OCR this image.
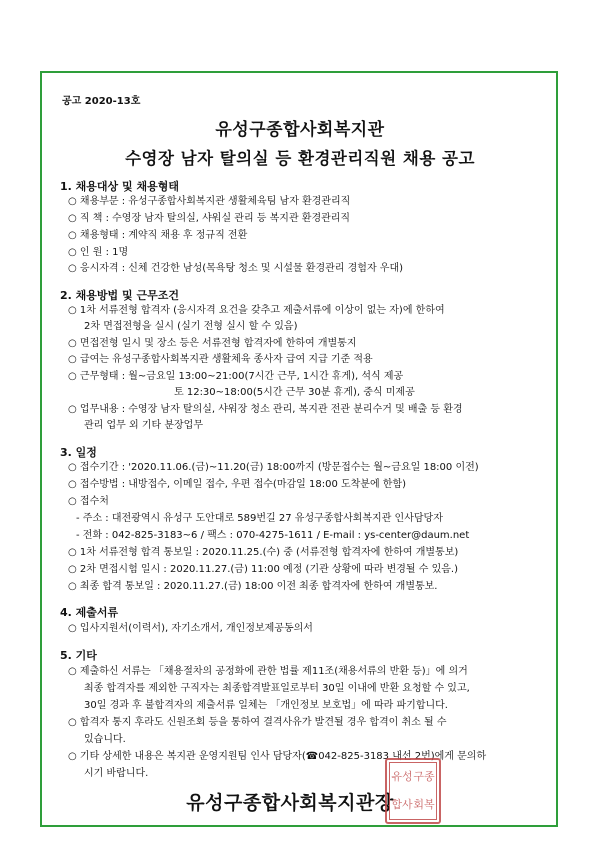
공고 2020-13호
유성구종합사회복지관
수영장 남자 탈의실 등 환경관리직원 채용 공고
1. 채용대상 및 채용형태
○ 채용부문 : 유성구종합사회복지관 생활체육팀 남자 환경관리직
○ 직 책 : 수영장 남자 탈의실, 샤워실 관리 등 복지관 환경관리직
○ 채용형태 : 계약직 채용 후 정규직 전환
○ 인 원 : 1명
○ 응시자격 : 신체 건강한 남성(목욕탕 청소 및 시설물 환경관리 경험자 우대)
2. 채용방법 및 근무조건
○ 1차 서류전형 합격자 (응시자격 요건을 갖추고 제출서류에 이상이 없는 자)에 한하여
2차 면접전형을 실시 (실기 전형 실시 할 수 있음)
○ 면접전형 일시 및 장소 등은 서류전형 합격자에 한하여 개별통지
○ 급여는 유성구종합사회복지관 생활체육 종사자 급여 지급 기준 적용
○ 근무형태 : 월~금요일 13:00~21:00(7시간 근무, 1시간 휴게), 석식 제공
토 12:30~18:00(5시간 근무 30분 휴게), 중식 미제공
○ 업무내용 : 수영장 남자 탈의실, 샤워장 청소 관리, 복지관 전관 분리수거 및 배출 등 환경
관리 업무 외 기타 분장업무
3. 일정
○ 접수기간 : '2020.11.06.(금)~11.20(금) 18:00까지 (방문접수는 월~금요일 18:00 이전)
○ 접수방법 : 내방접수, 이메일 접수, 우편 접수(마감일 18:00 도착분에 한함)
○ 접수처
- 주소 : 대전광역시 유성구 도안대로 589번길 27 유성구종합사회복지관 인사담당자
- 전화 : 042-825-3183~6 / 팩스 : 070-4275-1611 / E-mail : ys-center@daum.net
○ 1차 서류전형 합격 통보일 : 2020.11.25.(수) 중 (서류전형 합격자에 한하여 개별통보)
○ 2차 면접시험 일시 : 2020.11.27.(금) 11:00 예정 (기관 상황에 따라 변경될 수 있음.)
○ 최종 합격 통보일 : 2020.11.27.(금) 18:00 이전 최종 합격자에 한하여 개별통보.
4. 제출서류
○ 입사지원서(이력서), 자기소개서, 개인정보제공동의서
5. 기타
○ 제출하신 서류는 「채용절차의 공정화에 관한 법률 제11조(채용서류의 반환 등)」에 의거
최종 합격자를 제외한 구직자는 최종합격발표일로부터 30일 이내에 반환 요청할 수 있고,
30일 경과 후 불합격자의 제출서류 일체는 「개인정보 보호법」에 따라 파기합니다.
○ 합격자 통지 후라도 신원조회 등을 통하여 결격사유가 발견될 경우 합격이 취소 될 수
있습니다.
○ 기타 상세한 내용은 복지관 운영지원팀 인사 담당자(☎042-825-3183 내선 2번)에게 문의하
시기 바랍니다.
유성구종합사회복지관장
유성 구종
합사 회복
